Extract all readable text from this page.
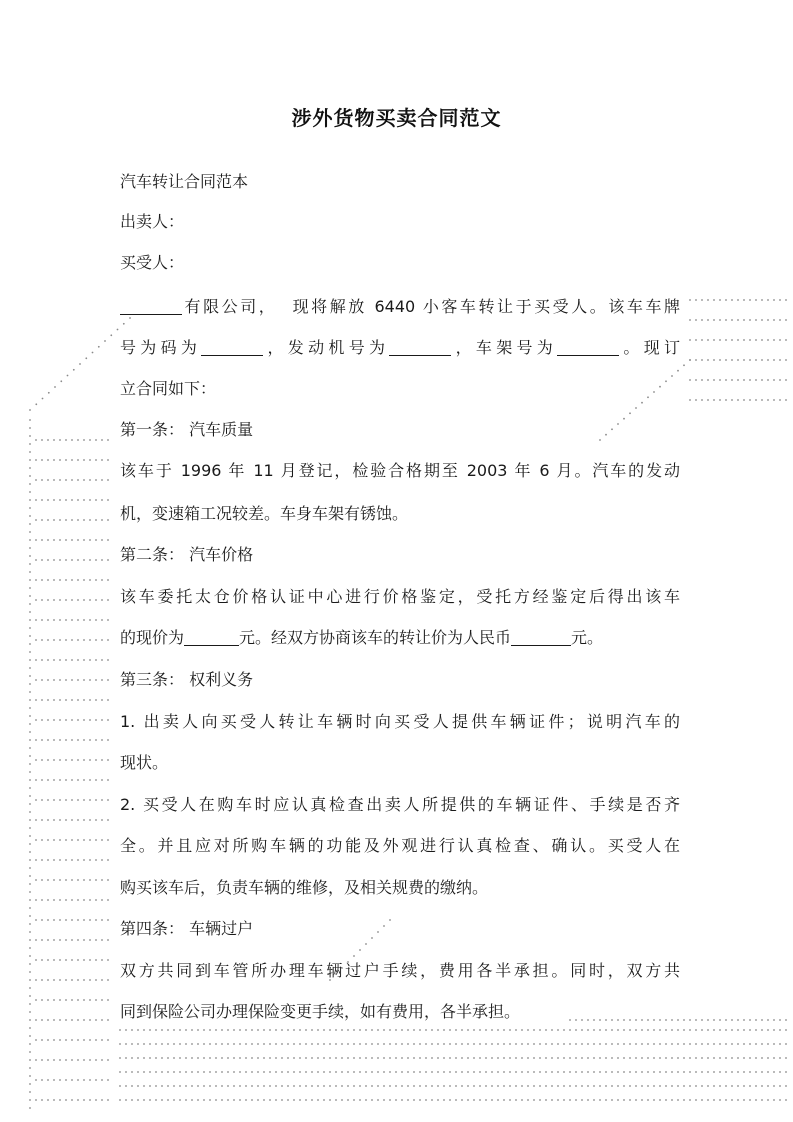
涉外货物买卖合同范文
汽车转让合同范本
出卖人：
买受人：
有限公司， 现将解放 6440 小客车转让于买受人。该车车牌
号为码为	，发动机号为	，车架号为	。现订
立合同如下：
第一条： 汽车质量
该车于 1996 年 11 月登记，检验合格期至 2003 年 6 月。汽车的发动
机，变速箱工况较差。车身车架有锈蚀。
第二条： 汽车价格
该车委托太仓价格认证中心进行价格鉴定，受托方经鉴定后得出该车
的现价为	元。经双方协商该车的转让价为人民币	元。
第三条： 权利义务
1. 出卖人向买受人转让车辆时向买受人提供车辆证件；说明汽车的
现状。
2. 买受人在购车时应认真检查出卖人所提供的车辆证件、手续是否齐
全。并且应对所购车辆的功能及外观进行认真检查、确认。买受人在
购买该车后，负责车辆的维修，及相关规费的缴纳。
第四条： 车辆过户
双方共同到车管所办理车辆过户手续，费用各半承担。同时，双方共
同到保险公司办理保险变更手续，如有费用，各半承担。
